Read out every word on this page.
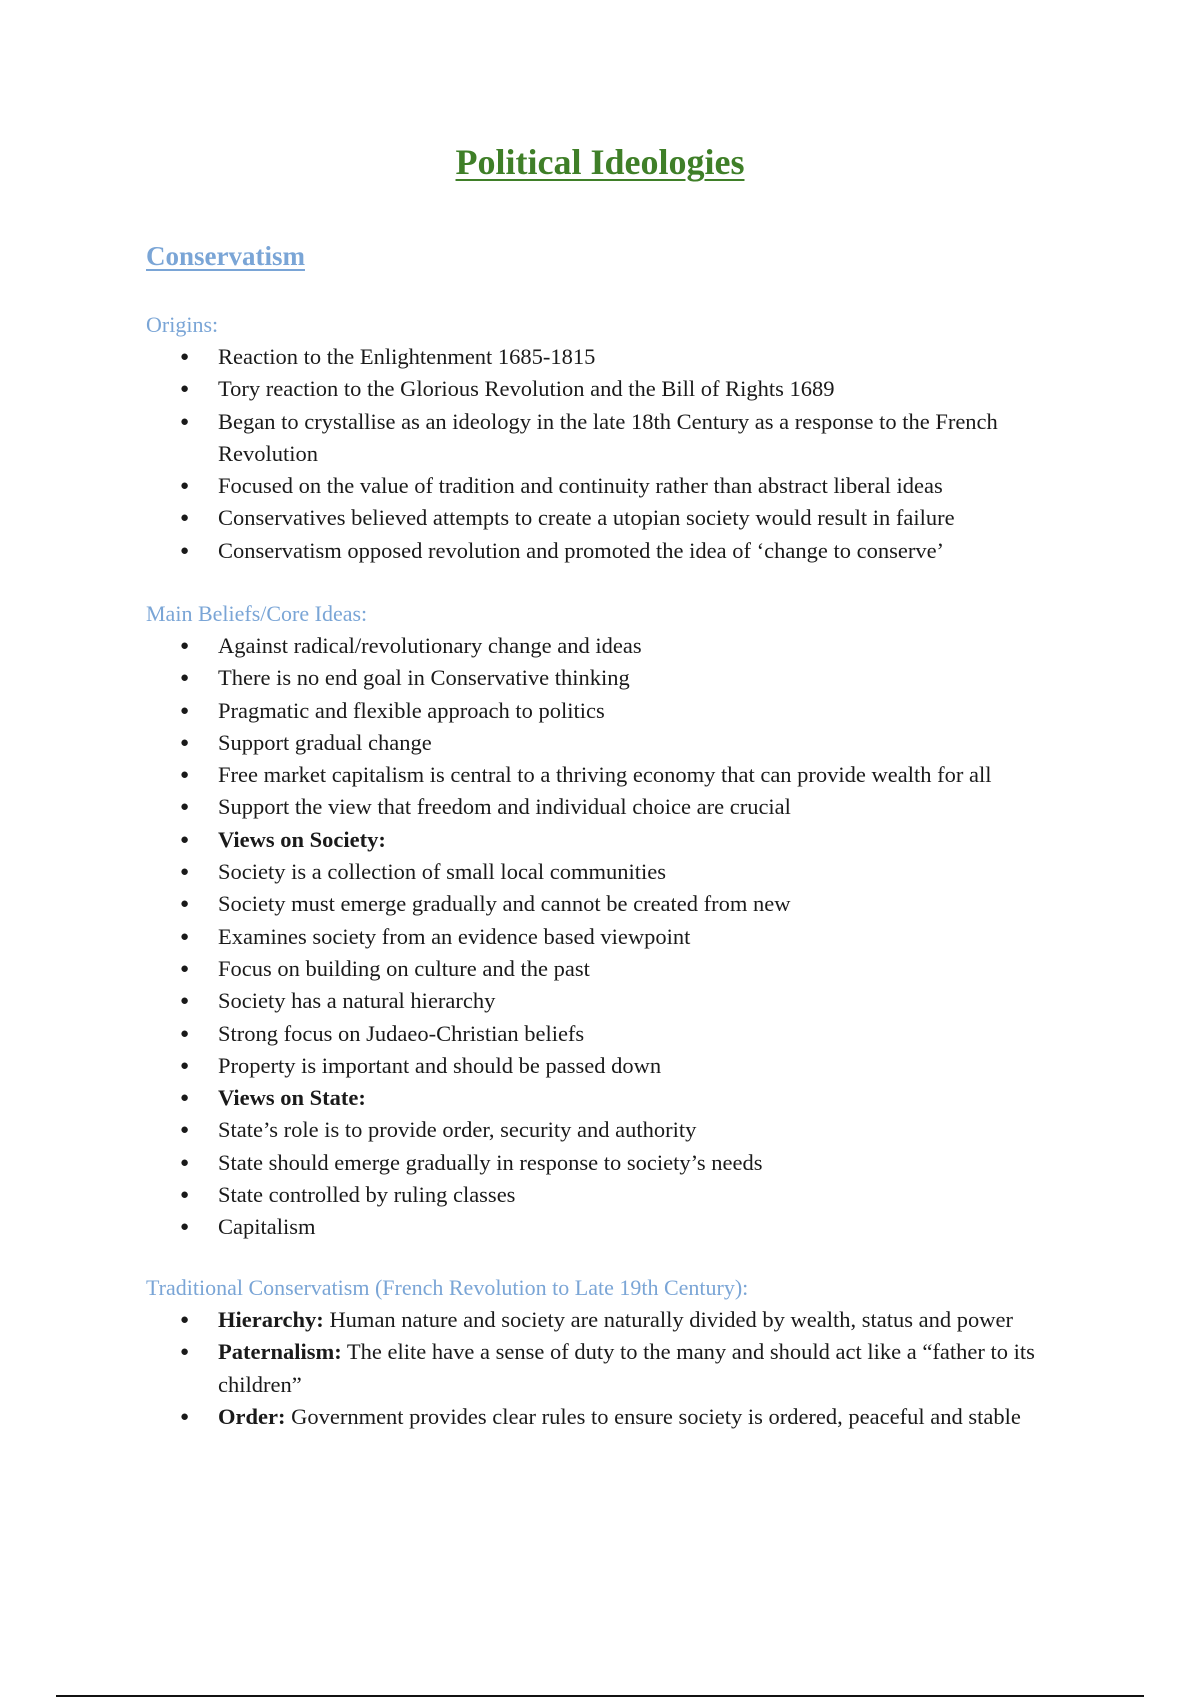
Political Ideologies
Conservatism
Origins:
● Reaction to the Enlightenment 1685-1815
● Tory reaction to the Glorious Revolution and the Bill of Rights 1689
● Began to crystallise as an ideology in the late 18th Century as a response to the French Revolution
● Focused on the value of tradition and continuity rather than abstract liberal ideas
● Conservatives believed attempts to create a utopian society would result in failure
● Conservatism opposed revolution and promoted the idea of ‘change to conserve’
Main Beliefs/Core Ideas:
● Against radical/revolutionary change and ideas
● There is no end goal in Conservative thinking
● Pragmatic and flexible approach to politics
● Support gradual change
● Free market capitalism is central to a thriving economy that can provide wealth for all
● Support the view that freedom and individual choice are crucial
● Views on Society:
● Society is a collection of small local communities
● Society must emerge gradually and cannot be created from new
● Examines society from an evidence based viewpoint
● Focus on building on culture and the past
● Society has a natural hierarchy
● Strong focus on Judaeo-Christian beliefs
● Property is important and should be passed down
● Views on State:
● State’s role is to provide order, security and authority
● State should emerge gradually in response to society’s needs
● State controlled by ruling classes
● Capitalism
Traditional Conservatism (French Revolution to Late 19th Century):
● Hierarchy: Human nature and society are naturally divided by wealth, status and power
● Paternalism: The elite have a sense of duty to the many and should act like a “father to its children”
● Order: Government provides clear rules to ensure society is ordered, peaceful and stable
